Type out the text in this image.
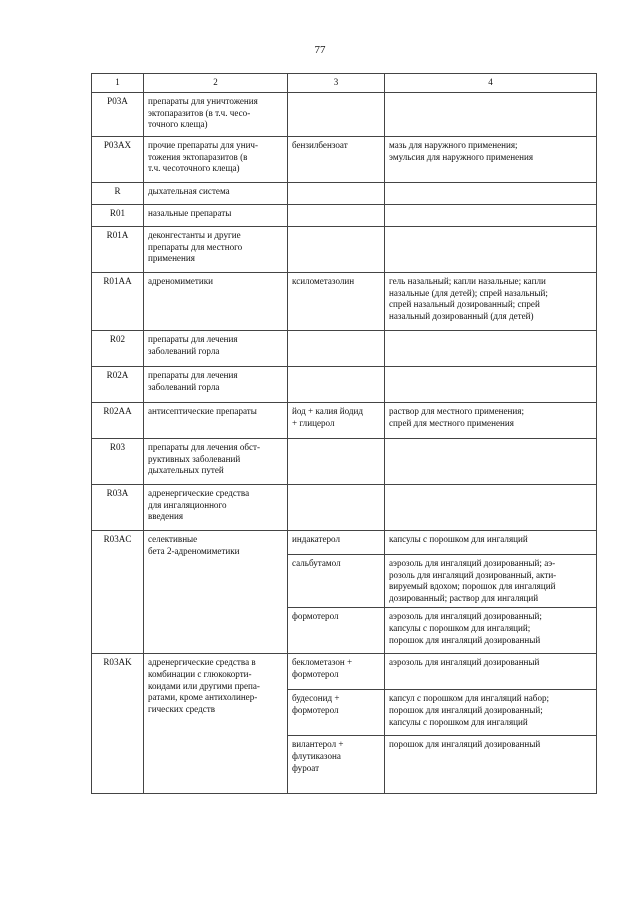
77
1	2	3	4

P03A	препараты для уничтожения
эктопаразитов (в т.ч. чесо-
точного клеща)		

P03AX	прочие препараты для унич-
тожения эктопаразитов (в
т.ч. чесоточного клеща)	бензилбензоат	мазь для наружного применения;
эмульсия для наружного применения

R	дыхательная система		

R01	назальные препараты		

R01A	деконгестанты и другие
препараты для местного
применения		

R01AA	адреномиметики	ксилометазолин	гель назальный; капли назальные; капли
назальные (для детей); спрей назальный;
спрей назальный дозированный; спрей
назальный дозированный (для детей)

R02	препараты для лечения
заболеваний горла		

R02A	препараты для лечения
заболеваний горла		

R02AA	антисептические препараты	йод + калия йодид
+ глицерол	раствор для местного применения;
спрей для местного применения

R03	препараты для лечения обст-
руктивных заболеваний
дыхательных путей		

R03A	адренергические средства
для ингаляционного
введения		

R03AC	селективные
бета 2-адреномиметики	индакатерол	капсулы с порошком для ингаляций

		сальбутамол	аэрозоль для ингаляций дозированный; аэ-
розоль для ингаляций дозированный, акти-
вируемый вдохом; порошок для ингаляций
дозированный; раствор для ингаляций

		формотерол	аэрозоль для ингаляций дозированный;
капсулы с порошком для ингаляций;
порошок для ингаляций дозированный

R03AK	адренергические средства в
комбинации с глюкокорти-
коидами или другими препа-
ратами, кроме антихолинер-
гических средств	беклометазон +
формотерол	аэрозоль для ингаляций дозированный

		будесонид +
формотерол	капсул с порошком для ингаляций набор;
порошок для ингаляций дозированный;
капсулы с порошком для ингаляций

		вилантерол +
флутиказона
фуроат	порошок для ингаляций дозированный
